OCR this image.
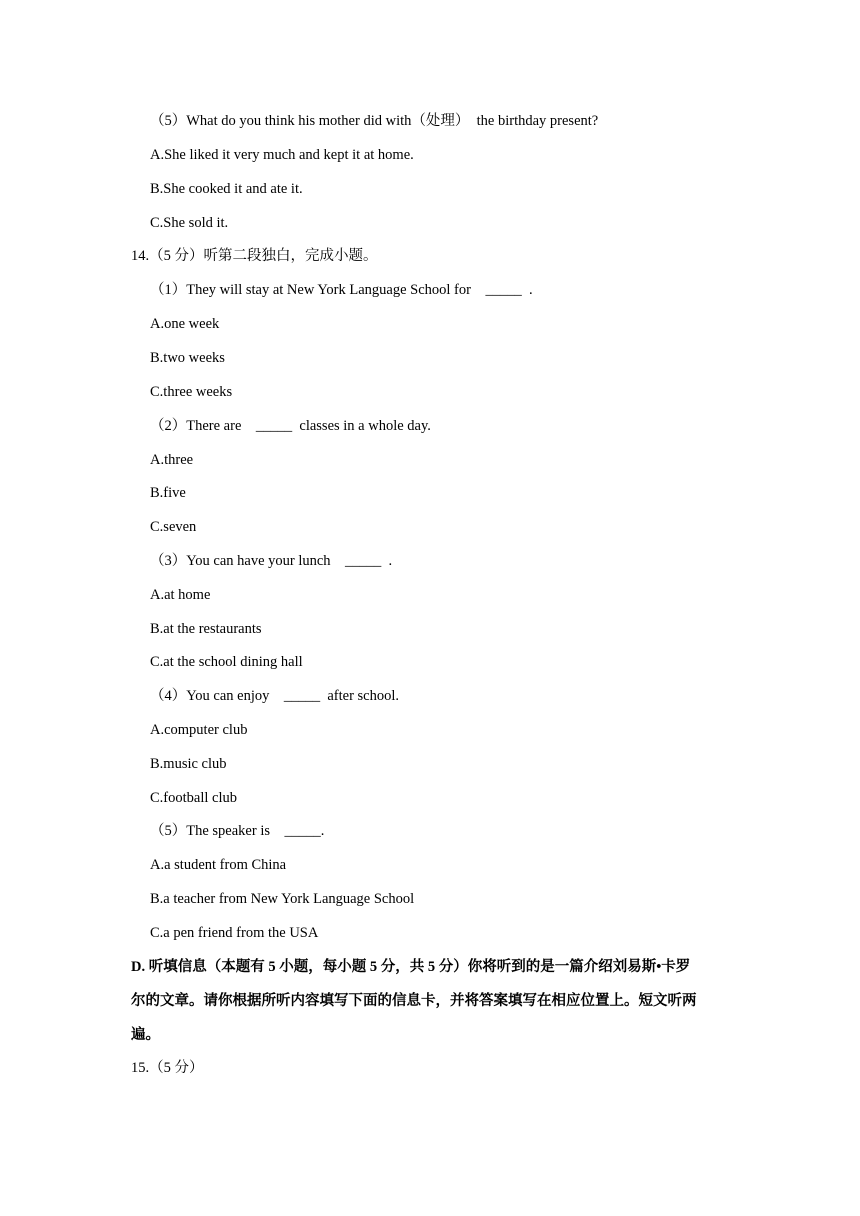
（5）What do you think his mother did with（处理）  the birthday present?
A.She liked it very much and kept it at home.
B.She cooked it and ate it.
C.She sold it.
14.（5 分）听第二段独白，完成小题。
（1）They will stay at New York Language School for    _____  .
A.one week
B.two weeks
C.three weeks
（2）There are    _____  classes in a whole day.
A.three
B.five
C.seven
（3）You can have your lunch    _____  .
A.at home
B.at the restaurants
C.at the school dining hall
（4）You can enjoy    _____  after school.
A.computer club
B.music club
C.football club
（5）The speaker is    _____.
A.a student from China
B.a teacher from New York Language School
C.a pen friend from the USA
D. 听填信息（本题有 5 小题，每小题 5 分，共 5 分）你将听到的是一篇介绍刘易斯•卡罗
尔的文章。请你根据所听内容填写下面的信息卡，并将答案填写在相应位置上。短文听两
遍。
15.（5 分）
